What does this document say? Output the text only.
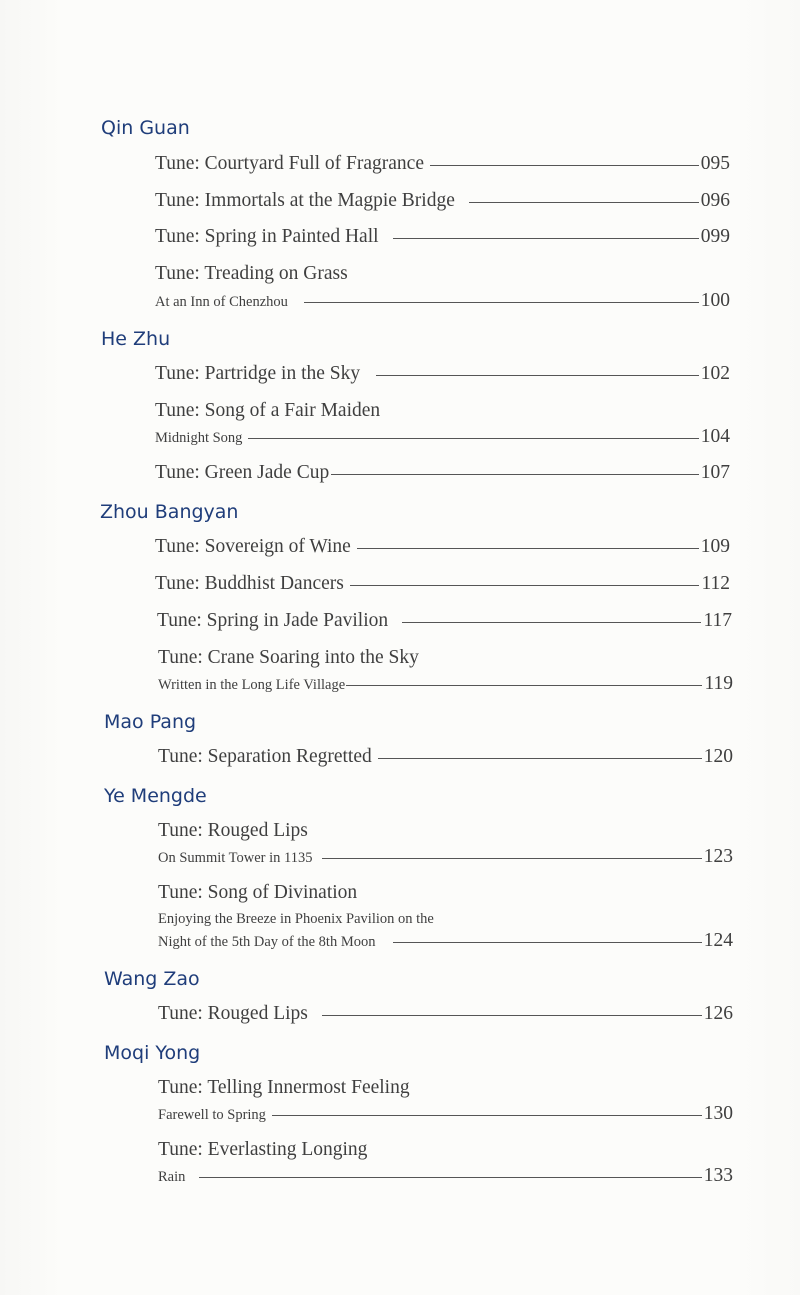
Qin Guan
Tune: Courtyard Full of Fragrance	095
Tune: Immortals at the Magpie Bridge	096
Tune: Spring in Painted Hall	099
Tune: Treading on Grass
At an Inn of Chenzhou	100
He Zhu
Tune: Partridge in the Sky	102
Tune: Song of a Fair Maiden
Midnight Song	104
Tune: Green Jade Cup	107
Zhou Bangyan
Tune: Sovereign of Wine	109
Tune: Buddhist Dancers	112
Tune: Spring in Jade Pavilion	117
Tune: Crane Soaring into the Sky
Written in the Long Life Village	119
Mao Pang
Tune: Separation Regretted	120
Ye Mengde
Tune: Rouged Lips
On Summit Tower in 1135	123
Tune: Song of Divination
Enjoying the Breeze in Phoenix Pavilion on the
Night of the 5th Day of the 8th Moon	124
Wang Zao
Tune: Rouged Lips	126
Moqi Yong
Tune: Telling Innermost Feeling
Farewell to Spring	130
Tune: Everlasting Longing
Rain	133
